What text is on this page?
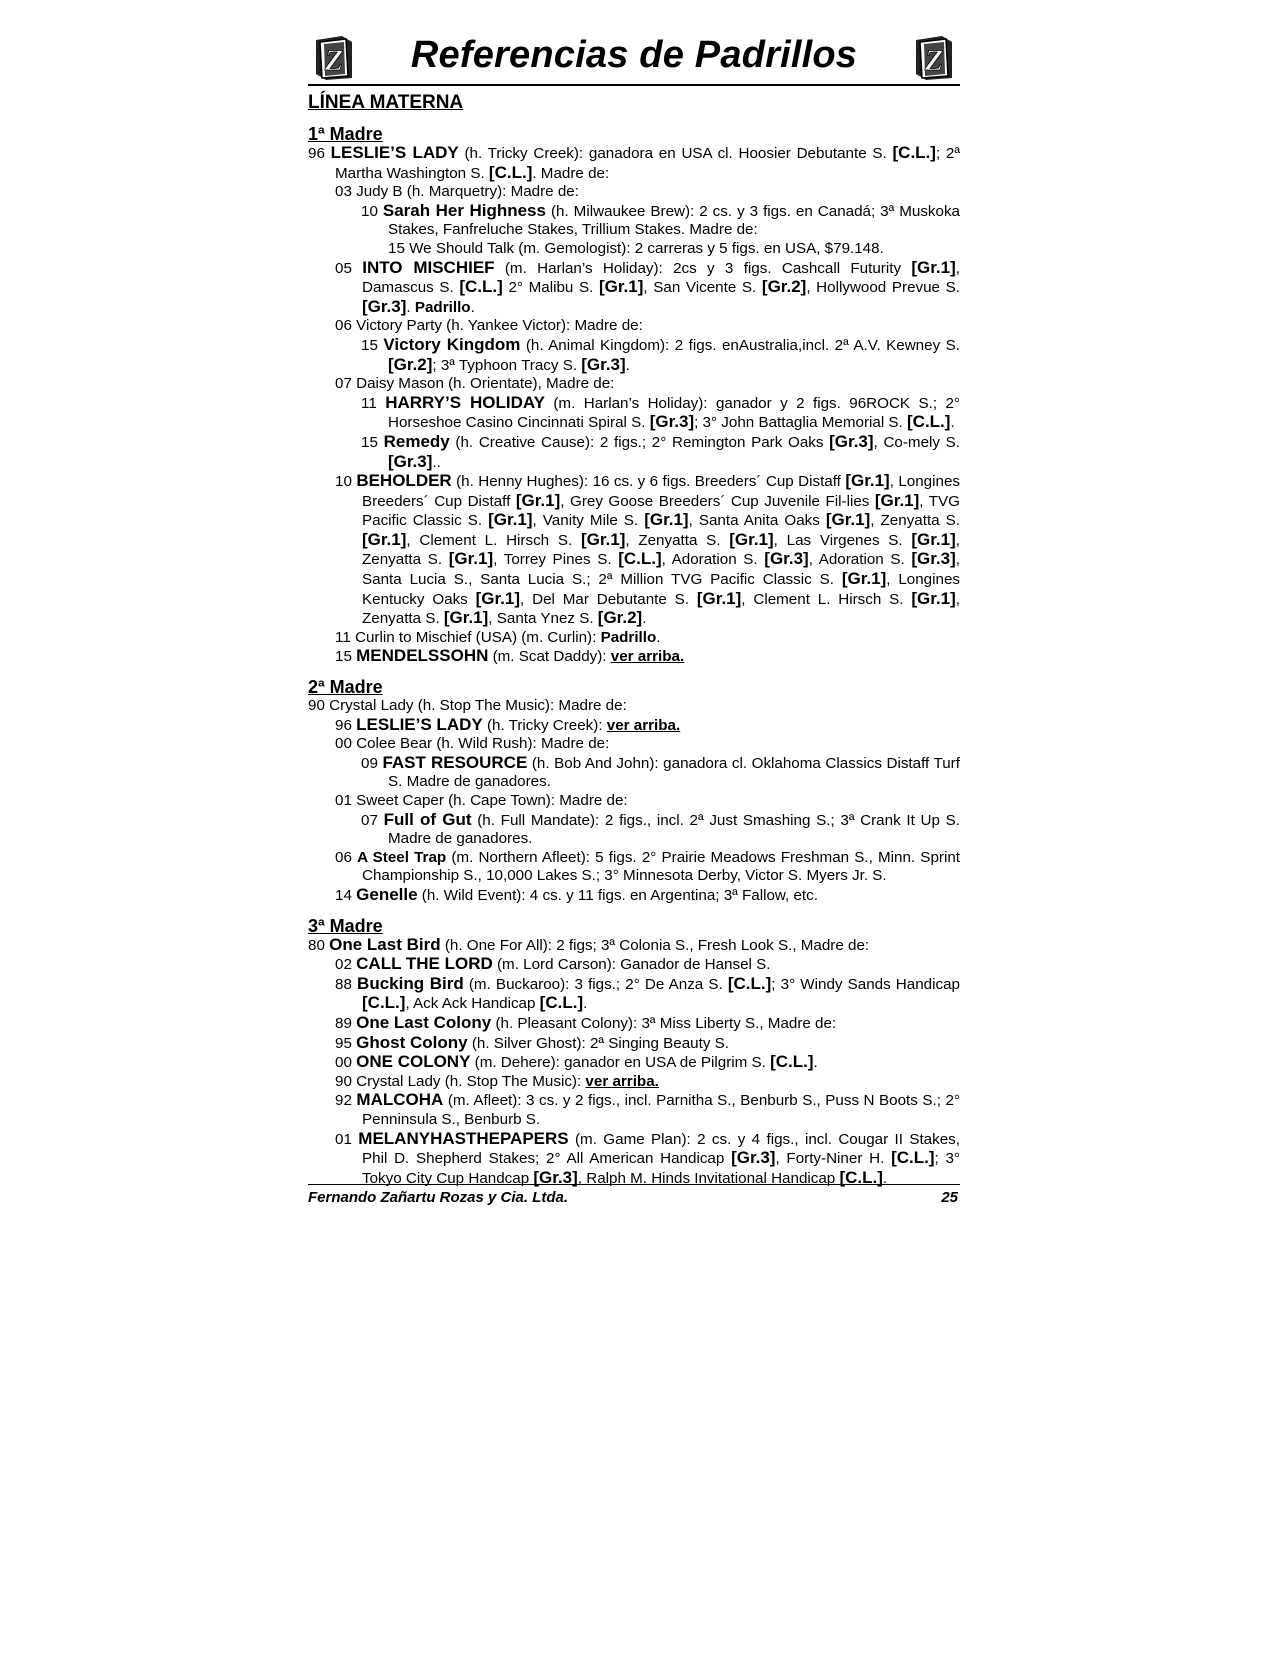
Z	Referencias de Padrillos	Z
LÍNEA MATERNA
1ª Madre
96 LESLIE’S LADY (h. Tricky Creek): ganadora en USA cl. Hoosier Debutante S. [C.L.]; 2ª Martha Washington S. [C.L.]. Madre de:
03 Judy B (h. Marquetry): Madre de:
10 Sarah Her Highness (h. Milwaukee Brew): 2 cs. y 3 figs. en Canadá; 3ª Muskoka Stakes, Fanfreluche Stakes, Trillium Stakes. Madre de:
15 We Should Talk (m. Gemologist): 2 carreras y 5 figs. en USA, $79.148.
05 INTO MISCHIEF (m. Harlan’s Holiday): 2cs y 3 figs. Cashcall Futurity [Gr.1], Damascus S. [C.L.] 2° Malibu S. [Gr.1], San Vicente S. [Gr.2], Hollywood Prevue S. [Gr.3]. Padrillo.
06 Victory Party (h. Yankee Victor): Madre de:
15 Victory Kingdom (h. Animal Kingdom): 2 figs. enAustralia,incl. 2ª A.V. Kewney S. [Gr.2]; 3ª Typhoon Tracy S. [Gr.3].
07 Daisy Mason (h. Orientate), Madre de:
11 HARRY’S HOLIDAY (m. Harlan’s Holiday): ganador y 2 figs. 96ROCK S.; 2° Horseshoe Casino Cincinnati Spiral S. [Gr.3]; 3° John Battaglia Memorial S. [C.L.].
15 Remedy (h. Creative Cause): 2 figs.; 2° Remington Park Oaks [Gr.3], Co-mely S. [Gr.3]..
10 BEHOLDER (h. Henny Hughes): 16 cs. y 6 figs. Breeders´ Cup Distaff [Gr.1], Longines Breeders´ Cup Distaff [Gr.1], Grey Goose Breeders´ Cup Juvenile Fil-lies [Gr.1], TVG Pacific Classic S. [Gr.1], Vanity Mile S. [Gr.1], Santa Anita Oaks [Gr.1], Zenyatta S. [Gr.1], Clement L. Hirsch S. [Gr.1], Zenyatta S. [Gr.1], Las Virgenes S. [Gr.1], Zenyatta S. [Gr.1], Torrey Pines S. [C.L.], Adoration S. [Gr.3], Adoration S. [Gr.3], Santa Lucia S., Santa Lucia S.; 2ª Million TVG Pacific Classic S. [Gr.1], Longines Kentucky Oaks [Gr.1], Del Mar Debutante S. [Gr.1], Clement L. Hirsch S. [Gr.1], Zenyatta S. [Gr.1], Santa Ynez S. [Gr.2].
11 Curlin to Mischief (USA) (m. Curlin): Padrillo.
15 MENDELSSOHN (m. Scat Daddy): ver arriba.
2ª Madre
90 Crystal Lady (h. Stop The Music): Madre de:
96 LESLIE’S LADY (h. Tricky Creek): ver arriba.
00 Colee Bear (h. Wild Rush): Madre de:
09 FAST RESOURCE (h. Bob And John): ganadora cl. Oklahoma Classics Distaff Turf S. Madre de ganadores.
01 Sweet Caper (h. Cape Town): Madre de:
07 Full of Gut (h. Full Mandate): 2 figs., incl. 2ª Just Smashing S.; 3ª Crank It Up S. Madre de ganadores.
06 A Steel Trap (m. Northern Afleet): 5 figs. 2° Prairie Meadows Freshman S., Minn. Sprint Championship S., 10,000 Lakes S.; 3° Minnesota Derby, Victor S. Myers Jr. S.
14 Genelle (h. Wild Event): 4 cs. y 11 figs. en Argentina; 3ª Fallow, etc.
3ª Madre
80 One Last Bird (h. One For All): 2 figs; 3ª Colonia S., Fresh Look S., Madre de:
02 CALL THE LORD (m. Lord Carson): Ganador de Hansel S.
88 Bucking Bird (m. Buckaroo): 3 figs.; 2° De Anza S. [C.L.]; 3° Windy Sands Handicap [C.L.], Ack Ack Handicap [C.L.].
89 One Last Colony (h. Pleasant Colony): 3ª Miss Liberty S., Madre de:
95 Ghost Colony (h. Silver Ghost): 2ª Singing Beauty S.
00 ONE COLONY (m. Dehere): ganador en USA de Pilgrim S. [C.L.].
90 Crystal Lady (h. Stop The Music): ver arriba.
92 MALCOHA (m. Afleet): 3 cs. y 2 figs., incl. Parnitha S., Benburb S., Puss N Boots S.; 2° Penninsula S., Benburb S.
01 MELANYHASTHEPAPERS (m. Game Plan): 2 cs. y 4 figs., incl. Cougar II Stakes, Phil D. Shepherd Stakes; 2° All American Handicap [Gr.3], Forty-Niner H. [C.L.]; 3° Tokyo City Cup Handcap [Gr.3], Ralph M. Hinds Invitational Handicap [C.L.].
Fernando Zañartu Rozas y Cia. Ltda.	25
